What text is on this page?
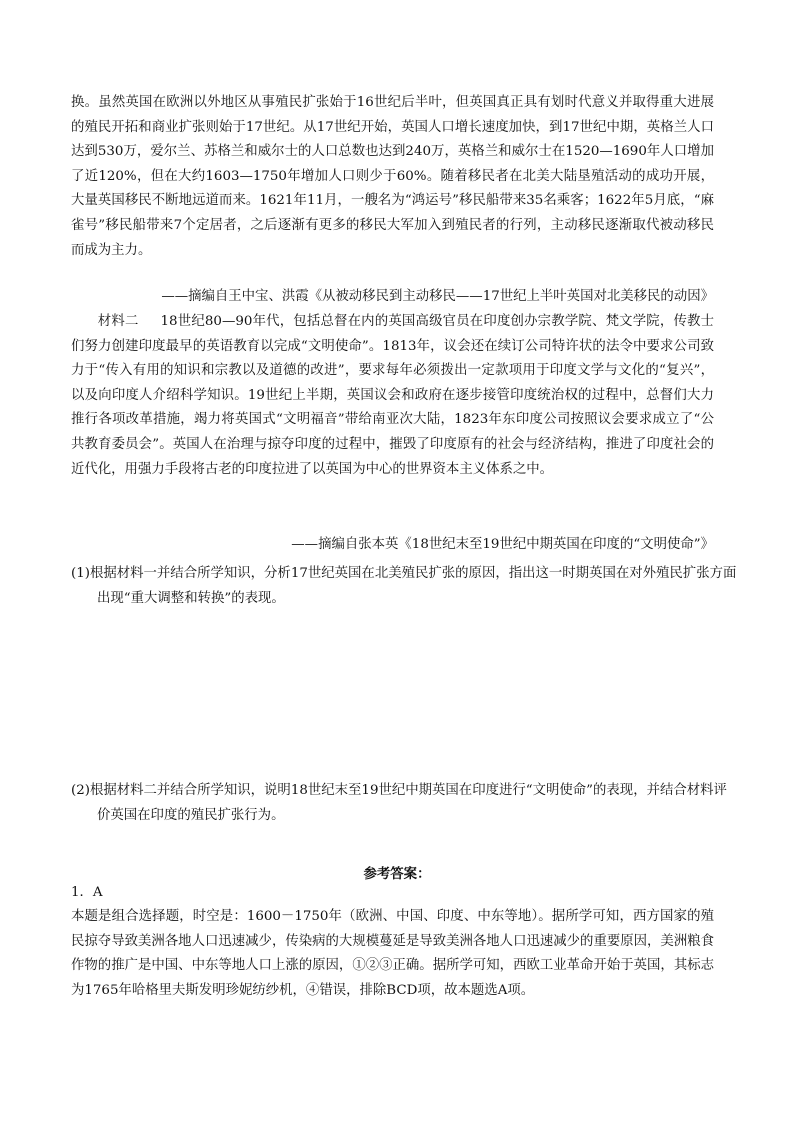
换。虽然英国在欧洲以外地区从事殖民扩张始于16世纪后半叶，但英国真正具有划时代意义并取得重大进展的殖民开拓和商业扩张则始于17世纪。从17世纪开始，英国人口增长速度加快，到17世纪中期，英格兰人口达到530万，爱尔兰、苏格兰和威尔士的人口总数也达到240万，英格兰和威尔士在1520—1690年人口增加了近120%，但在大约1603—1750年增加人口则少于60%。随着移民者在北美大陆垦殖活动的成功开展，大量英国移民不断地远道而来。1621年11月，一艘名为“鸿运号”移民船带来35名乘客；1622年5月底，“麻雀号”移民船带来7个定居者，之后逐渐有更多的移民大军加入到殖民者的行列，主动移民逐渐取代被动移民而成为主力。

——摘编自王中宝、洪霞《从被动移民到主动移民——17世纪上半叶英国对北美移民的动因》

材料二 18世纪80—90年代，包括总督在内的英国高级官员在印度创办宗教学院、梵文学院，传教士们努力创建印度最早的英语教育以完成“文明使命”。1813年，议会还在续订公司特许状的法令中要求公司致力于“传入有用的知识和宗教以及道德的改进”，要求每年必须拨出一定款项用于印度文学与文化的“复兴”，以及向印度人介绍科学知识。19世纪上半期，英国议会和政府在逐步接管印度统治权的过程中，总督们大力推行各项改革措施，竭力将英国式“文明福音”带给南亚次大陆，1823年东印度公司按照议会要求成立了“公共教育委员会”。英国人在治理与掠夺印度的过程中，摧毁了印度原有的社会与经济结构，推进了印度社会的近代化，用强力手段将古老的印度拉进了以英国为中心的世界资本主义体系之中。

——摘编自张本英《18世纪末至19世纪中期英国在印度的“文明使命”》

(1)根据材料一并结合所学知识，分析17世纪英国在北美殖民扩张的原因，指出这一时期英国在对外殖民扩张方面出现“重大调整和转换”的表现。

(2)根据材料二并结合所学知识，说明18世纪末至19世纪中期英国在印度进行“文明使命”的表现，并结合材料评价英国在印度的殖民扩张行为。

参考答案：

1．A

本题是组合选择题，时空是：1600－1750年（欧洲、中国、印度、中东等地）。据所学可知，西方国家的殖民掠夺导致美洲各地人口迅速减少，传染病的大规模蔓延是导致美洲各地人口迅速减少的重要原因，美洲粮食作物的推广是中国、中东等地人口上涨的原因，①②③正确。据所学可知，西欧工业革命开始于英国，其标志为1765年哈格里夫斯发明珍妮纺纱机，④错误，排除BCD项，故本题选A项。
